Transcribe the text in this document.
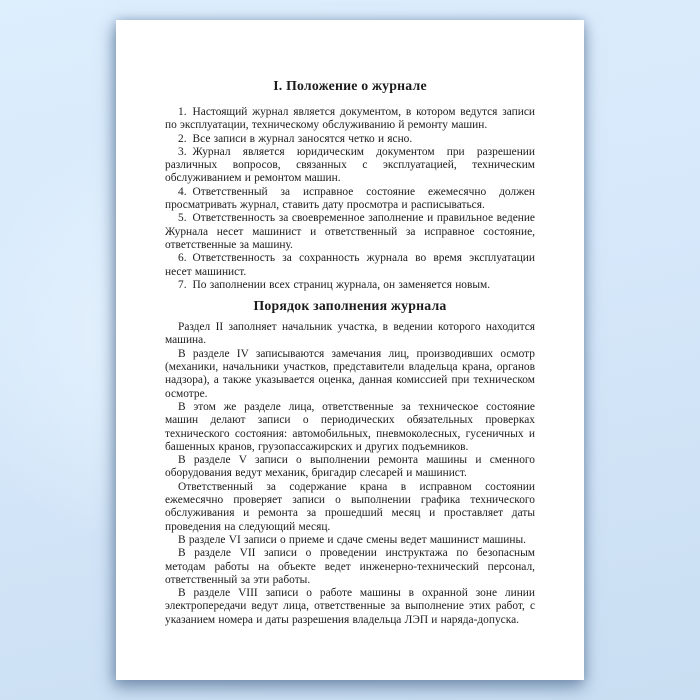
I. Положение о журнале

1. Настоящий журнал является документом, в котором ведутся записи по эксплуатации, техническому обслуживанию й ремонту машин.

2. Все записи в журнал заносятся четко и ясно.

3. Журнал является юридическим документом при разрешении различных вопросов, связанных с эксплуатацией, техническим обслуживанием и ремонтом машин.

4. Ответственный за исправное состояние ежемесячно должен просматривать журнал, ставить дату просмотра и расписываться.

5. Ответственность за своевременное заполнение и правильное ведение Журнала несет машинист и ответственный за исправное состояние, ответственные за машину.

6. Ответственность за сохранность журнала во время эксплуатации несет машинист.

7. По заполнении всех страниц журнала, он заменяется новым.

Порядок заполнения журнала

Раздел II заполняет начальник участка, в ведении которого находится машина.

В разделе IV записываются замечания лиц, производивших осмотр (механики, начальники участков, представители владельца крана, органов надзора), а также указывается оценка, данная комиссией при техническом осмотре.

В этом же разделе лица, ответственные за техническое состояние машин делают записи о периодических обязательных проверках технического состояния: автомобильных, пневмоколесных, гусеничных и башенных кранов, грузопассажирских и других подъемников.

В разделе V записи о выполнении ремонта машины и сменного оборудования ведут механик, бригадир слесарей и машинист.

Ответственный за содержание крана в исправном состоянии ежемесячно проверяет записи о выполнении графика технического обслуживания и ремонта за прошедший месяц и проставляет даты проведения на следующий месяц.

В разделе VI записи о приеме и сдаче смены ведет машинист машины.

В разделе VII записи о проведении инструктажа по безопасным методам работы на объекте ведет инженерно-технический персонал, ответственный за эти работы.

В разделе VIII записи о работе машины в охранной зоне линии электропередачи ведут лица, ответственные за выполнение этих работ, с указанием номера и даты разрешения владельца ЛЭП и наряда-допуска.
